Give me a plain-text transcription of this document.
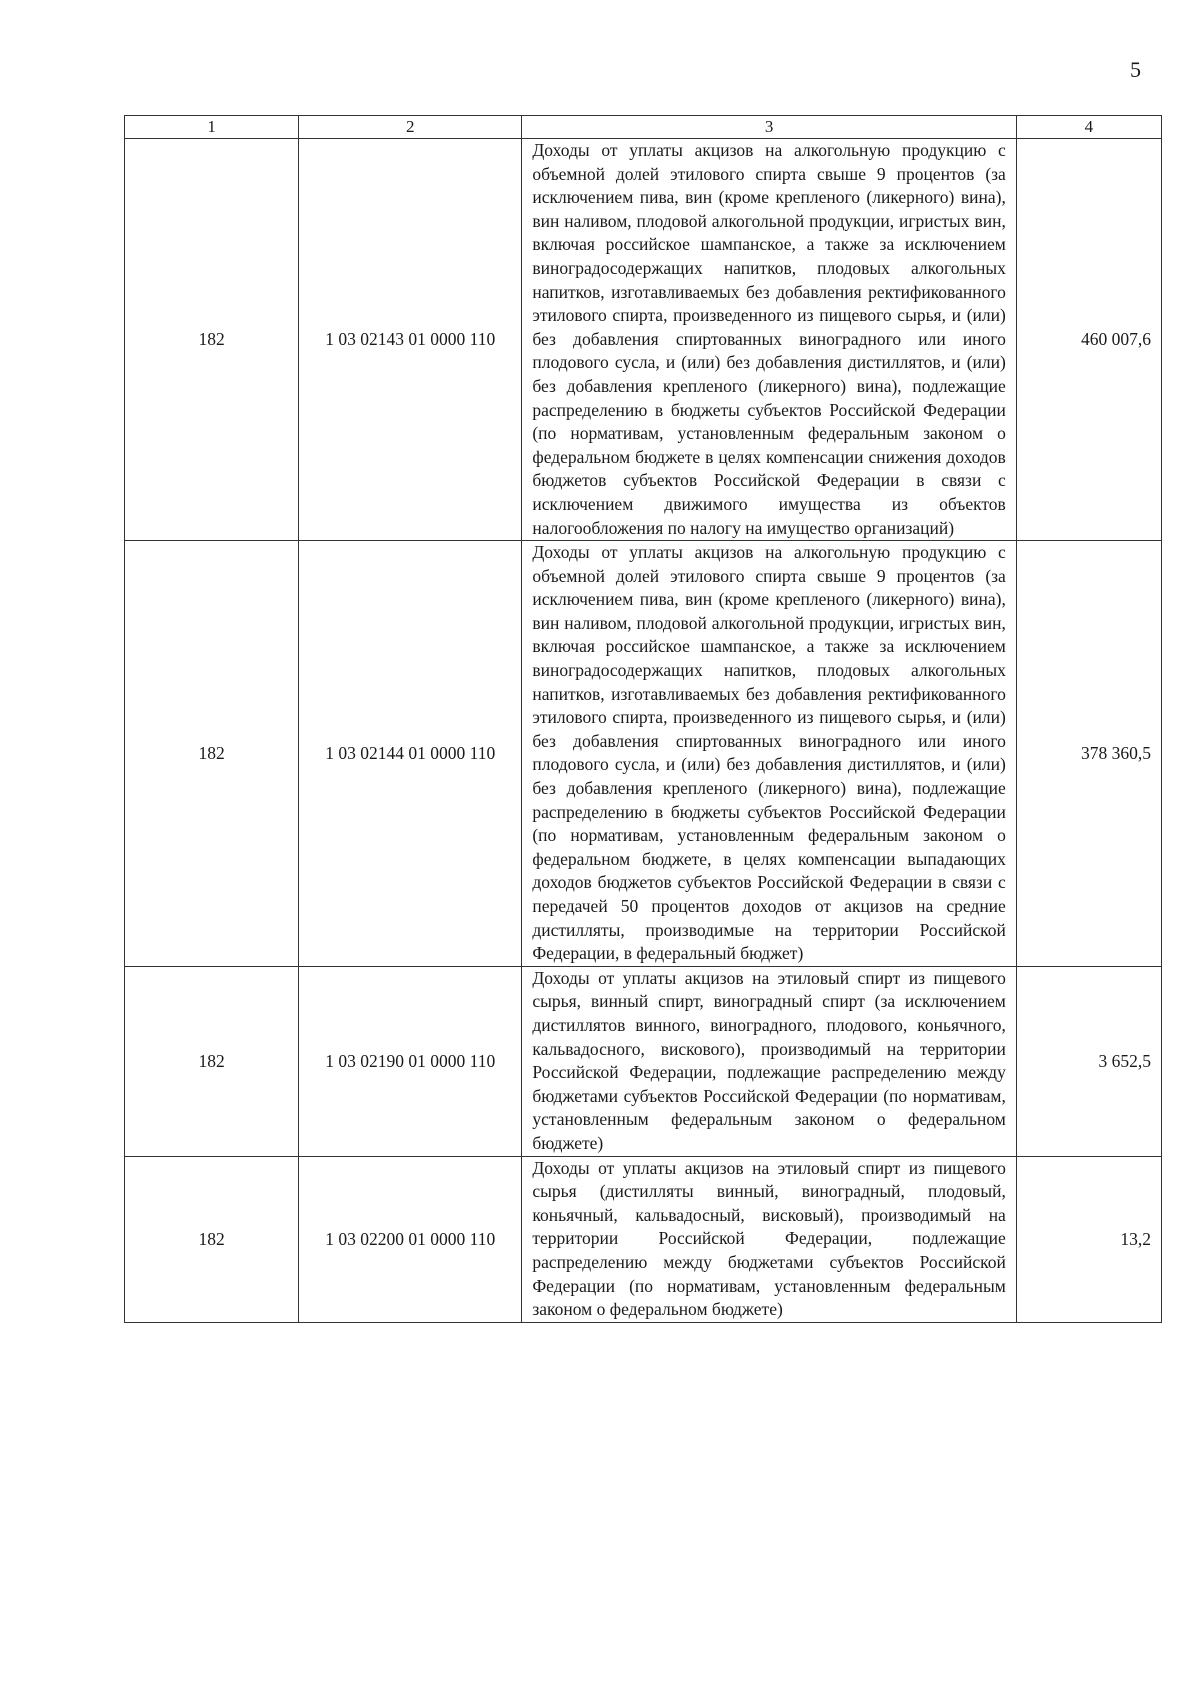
5
1	2	3	4
182	1 03 02143 01 0000 110	Доходы от уплаты акцизов на алкогольную продукцию с объемной долей этилового спирта свыше 9 процентов (за исключением пива, вин (кроме крепленого (ликерного) вина), вин наливом, плодовой алкогольной продукции, игристых вин, включая российское шампанское, а также за исключением виноградосодержащих напитков, плодовых алкогольных напитков, изготавливаемых без добавления ректификованного этилового спирта, произведенного из пищевого сырья, и (или) без добавления спиртованных виноградного или иного плодового сусла, и (или) без добавления дистиллятов, и (или) без добавления крепленого (ликерного) вина), подлежащие распределению в бюджеты субъектов Российской Федерации (по нормативам, установленным федеральным законом о федеральном бюджете в целях компенсации снижения доходов бюджетов субъектов Российской Федерации в связи с исключением движимого имущества из объектов налогообложения по налогу на имущество организаций)	460 007,6
182	1 03 02144 01 0000 110	Доходы от уплаты акцизов на алкогольную продукцию с объемной долей этилового спирта свыше 9 процентов (за исключением пива, вин (кроме крепленого (ликерного) вина), вин наливом, плодовой алкогольной продукции, игристых вин, включая российское шампанское, а также за исключением виноградосодержащих напитков, плодовых алкогольных напитков, изготавливаемых без добавления ректификованного этилового спирта, произведенного из пищевого сырья, и (или) без добавления спиртованных виноградного или иного плодового сусла, и (или) без добавления дистиллятов, и (или) без добавления крепленого (ликерного) вина), подлежащие распределению в бюджеты субъектов Российской Федерации (по нормативам, установленным федеральным законом о федеральном бюджете, в целях компенсации выпадающих доходов бюджетов субъектов Российской Федерации в связи с передачей 50 процентов доходов от акцизов на средние дистилляты, производимые на территории Российской Федерации, в федеральный бюджет)	378 360,5
182	1 03 02190 01 0000 110	Доходы от уплаты акцизов на этиловый спирт из пищевого сырья, винный спирт, виноградный спирт (за исключением дистиллятов винного, виноградного, плодового, коньячного, кальвадосного, вискового), производимый на территории Российской Федерации, подлежащие распределению между бюджетами субъектов Российской Федерации (по нормативам, установленным федеральным законом о федеральном бюджете)	3 652,5
182	1 03 02200 01 0000 110	Доходы от уплаты акцизов на этиловый спирт из пищевого сырья (дистилляты винный, виноградный, плодовый, коньячный, кальвадосный, висковый), производимый на территории Российской Федерации, подлежащие распределению между бюджетами субъектов Российской Федерации (по нормативам, установленным федеральным законом о федеральном бюджете)	13,2
